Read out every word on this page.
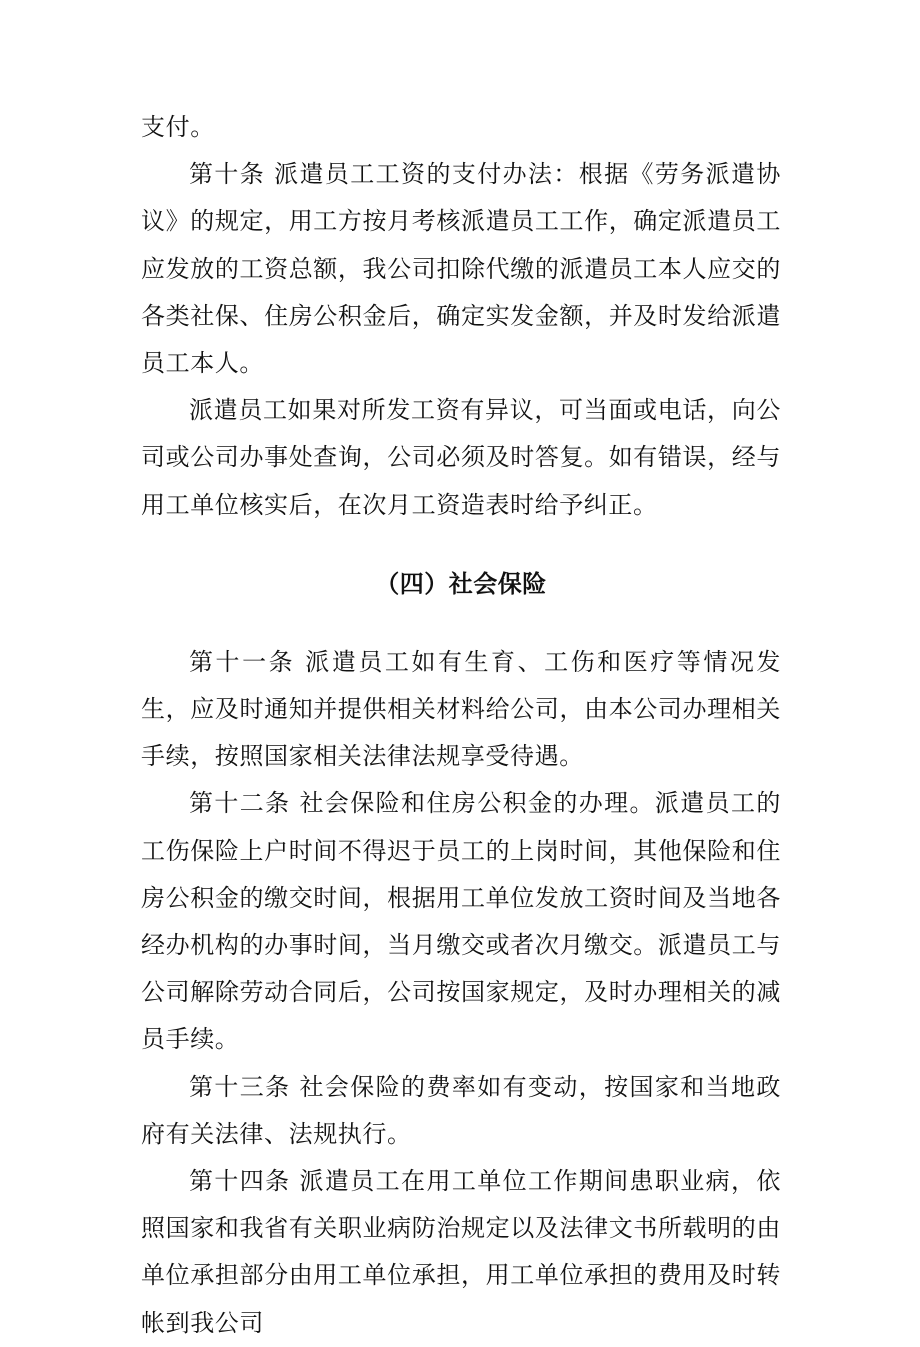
支付。

第十条 派遣员工工资的支付办法：根据《劳务派遣协议》的规定，用工方按月考核派遣员工工作，确定派遣员工应发放的工资总额，我公司扣除代缴的派遣员工本人应交的各类社保、住房公积金后，确定实发金额，并及时发给派遣员工本人。

派遣员工如果对所发工资有异议，可当面或电话，向公司或公司办事处查询，公司必须及时答复。如有错误，经与用工单位核实后，在次月工资造表时给予纠正。

（四）社会保险

第十一条 派遣员工如有生育、工伤和医疗等情况发生，应及时通知并提供相关材料给公司，由本公司办理相关手续，按照国家相关法律法规享受待遇。

第十二条 社会保险和住房公积金的办理。派遣员工的工伤保险上户时间不得迟于员工的上岗时间，其他保险和住房公积金的缴交时间，根据用工单位发放工资时间及当地各经办机构的办事时间，当月缴交或者次月缴交。派遣员工与公司解除劳动合同后，公司按国家规定，及时办理相关的减员手续。

第十三条 社会保险的费率如有变动，按国家和当地政府有关法律、法规执行。

第十四条 派遣员工在用工单位工作期间患职业病，依照国家和我省有关职业病防治规定以及法律文书所载明的由单位承担部分由用工单位承担，用工单位承担的费用及时转帐到我公司
